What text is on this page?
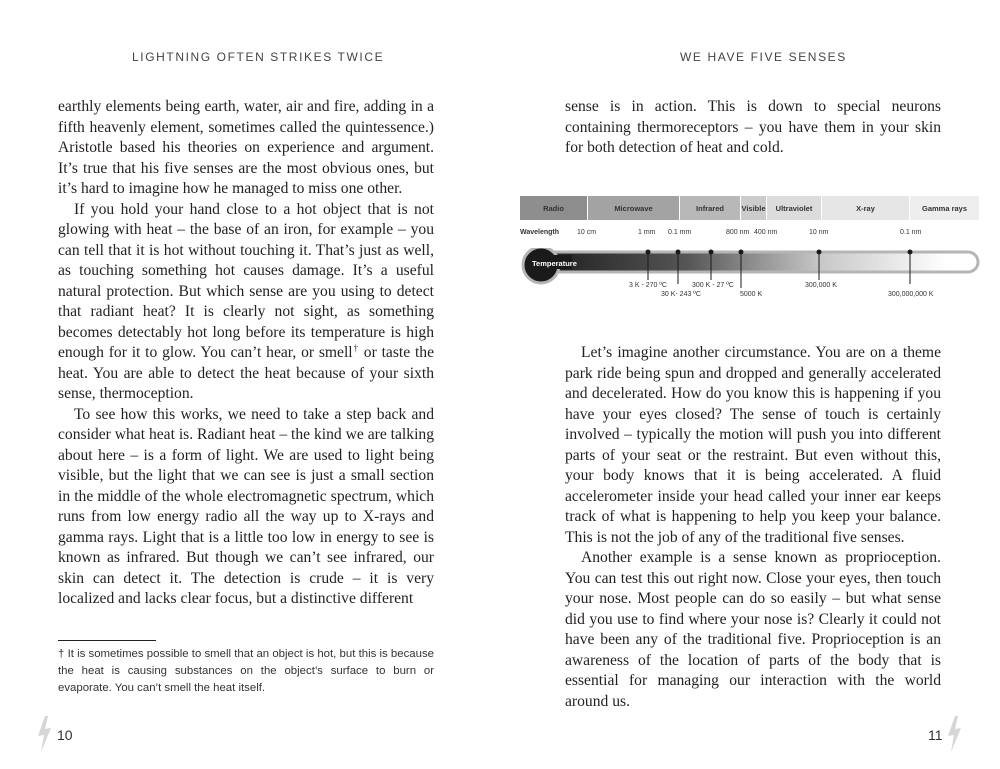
LIGHTNING OFTEN STRIKES TWICE

earthly elements being earth, water, air and fire, adding in a fifth heavenly element, sometimes called the quintessence.) Aristotle based his theories on experience and argument. It’s true that his five senses are the most obvious ones, but it’s hard to imagine how he managed to miss one other.

If you hold your hand close to a hot object that is not glowing with heat – the base of an iron, for example – you can tell that it is hot without touching it. That’s just as well, as touching something hot causes damage. It’s a useful natural protection. But which sense are you using to detect that radiant heat? It is clearly not sight, as something becomes detectably hot long before its temperature is high enough for it to glow. You can’t hear, or smell† or taste the heat. You are able to detect the heat because of your sixth sense, thermoception.

To see how this works, we need to take a step back and consider what heat is. Radiant heat – the kind we are talking about here – is a form of light. We are used to light being visible, but the light that we can see is just a small section in the middle of the whole electromagnetic spectrum, which runs from low energy radio all the way up to X-rays and gamma rays. Light that is a little too low in energy to see is known as infrared. But though we can’t see infrared, our skin can detect it. The detection is crude – it is very localized and lacks clear focus, but a distinctive different

† It is sometimes possible to smell that an object is hot, but this is because the heat is causing substances on the object’s surface to burn or evaporate. You can’t smell the heat itself.
10
WE HAVE FIVE SENSES

sense is in action. This is down to special neurons containing thermoreceptors – you have them in your skin for both detection of heat and cold.

Radio	Microwave	Infrared	Visible	Ultraviolet	X-ray	Gamma rays
Wavelength	10 cm	1 mm 0.1 mm	800 nm 400 nm	10 nm	0.1 nm
Temperature
3 K - 270 ºC
30 K- 243 ºC
300 K - 27 ºC
5000 K
300,000 K
300,000,000 K

Let’s imagine another circumstance. You are on a theme park ride being spun and dropped and generally accelerated and decelerated. How do you know this is happening if you have your eyes closed? The sense of touch is certainly involved – typically the motion will push you into different parts of your seat or the restraint. But even without this, your body knows that it is being accelerated. A fluid accelerometer inside your head called your inner ear keeps track of what is happening to help you keep your balance. This is not the job of any of the traditional five senses.

Another example is a sense known as proprioception. You can test this out right now. Close your eyes, then touch your nose. Most people can do so easily – but what sense did you use to find where your nose is? Clearly it could not have been any of the traditional five. Proprioception is an awareness of the location of parts of the body that is essential for managing our interaction with the world around us.

11
